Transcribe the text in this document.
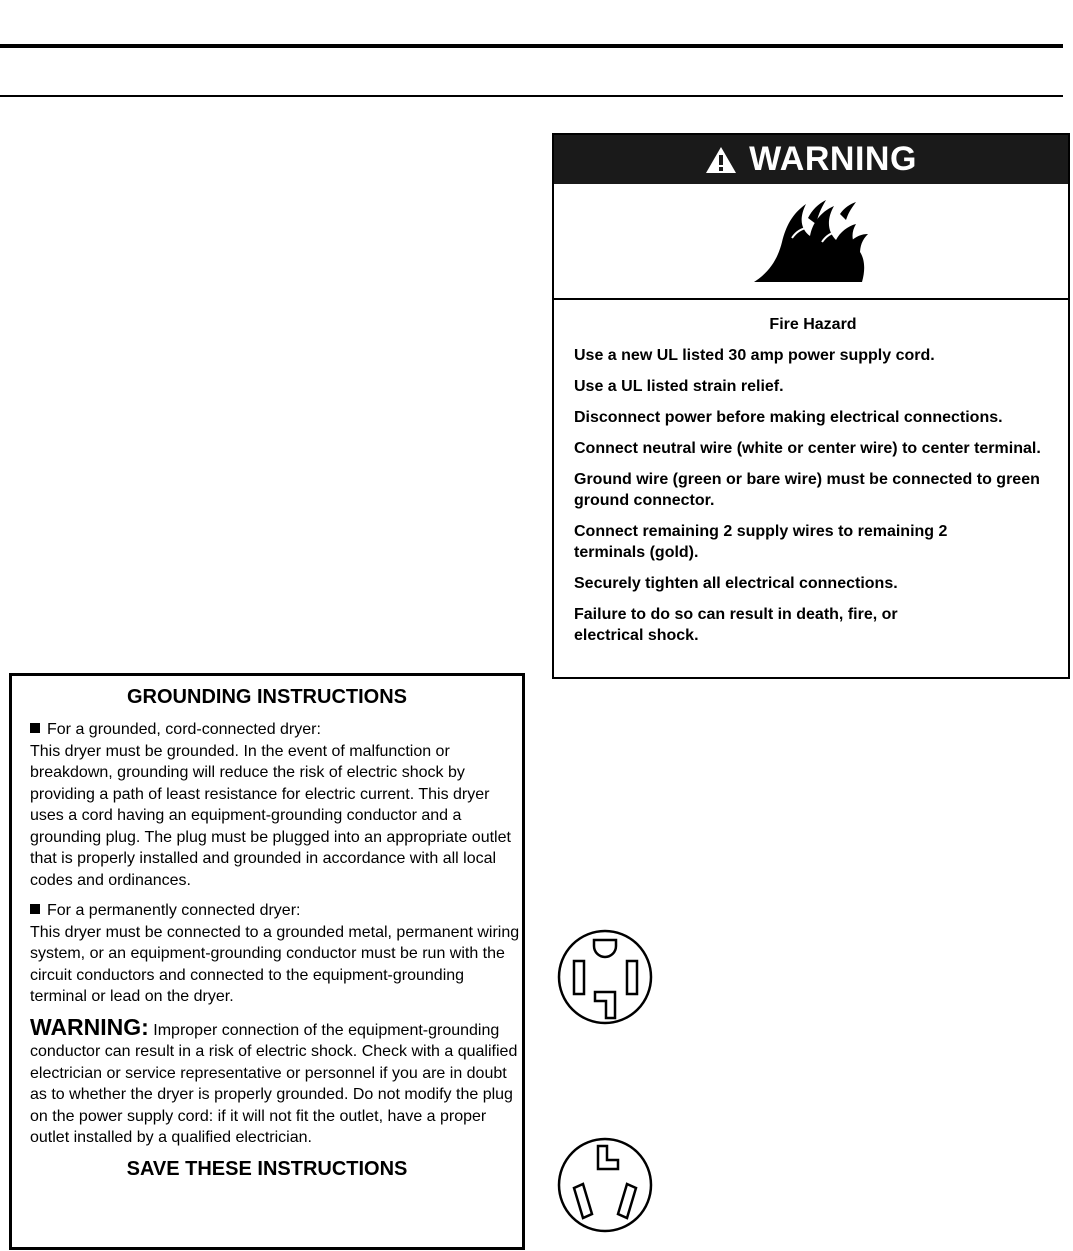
WARNING
Fire Hazard

Use a new UL listed 30 amp power supply cord.

Use a UL listed strain relief.

Disconnect power before making electrical connections.

Connect neutral wire (white or center wire) to center terminal.

Ground wire (green or bare wire) must be connected to green ground connector.

Connect remaining 2 supply wires to remaining 2 terminals (gold).

Securely tighten all electrical connections.

Failure to do so can result in death, fire, or electrical shock.

GROUNDING INSTRUCTIONS

For a grounded, cord-connected dryer:
This dryer must be grounded. In the event of malfunction or breakdown, grounding will reduce the risk of electric shock by providing a path of least resistance for electric current. This dryer uses a cord having an equipment-grounding conductor and a grounding plug. The plug must be plugged into an appropriate outlet that is properly installed and grounded in accordance with all local codes and ordinances.

For a permanently connected dryer:
This dryer must be connected to a grounded metal, permanent wiring system, or an equipment-grounding conductor must be run with the circuit conductors and connected to the equipment-grounding terminal or lead on the dryer.

WARNING: Improper connection of the equipment-grounding conductor can result in a risk of electric shock. Check with a qualified electrician or service representative or personnel if you are in doubt as to whether the dryer is properly grounded. Do not modify the plug on the power supply cord: if it will not fit the outlet, have a proper outlet installed by a qualified electrician.

SAVE THESE INSTRUCTIONS
